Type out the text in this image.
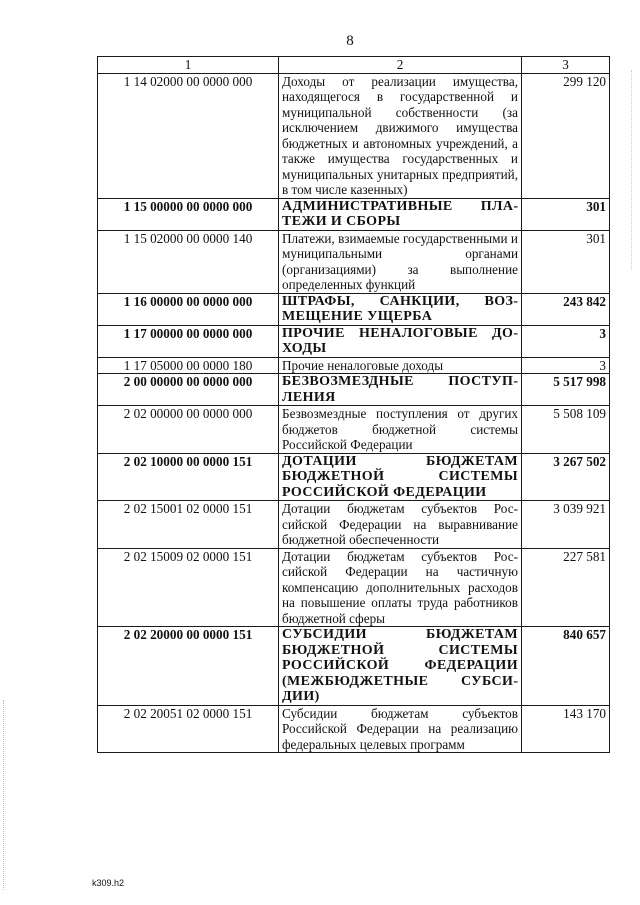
8
1	2	3
1 14 02000 00 0000 000	Доходы от реализации имущества, находящегося в государственной и муниципальной собственности (за исключением движимого имущества бюджетных и автономных учреждений, а также имущества государственных и муниципальных унитарных предприятий, в том числе казенных)	299 120
1 15 00000 00 0000 000	АДМИНИСТРАТИВНЫЕ ПЛАТЕЖИ И СБОРЫ	301
1 15 02000 00 0000 140	Платежи, взимаемые государственными и муниципальными органами (организациями) за выполнение определенных функций	301
1 16 00000 00 0000 000	ШТРАФЫ, САНКЦИИ, ВОЗМЕЩЕНИЕ УЩЕРБА	243 842
1 17 00000 00 0000 000	ПРОЧИЕ НЕНАЛОГОВЫЕ ДОХОДЫ	3
1 17 05000 00 0000 180	Прочие неналоговые доходы	3
2 00 00000 00 0000 000	БЕЗВОЗМЕЗДНЫЕ ПОСТУПЛЕНИЯ	5 517 998
2 02 00000 00 0000 000	Безвозмездные поступления от других бюджетов бюджетной системы Российской Федерации	5 508 109
2 02 10000 00 0000 151	ДОТАЦИИ БЮДЖЕТАМ БЮДЖЕТНОЙ СИСТЕМЫ РОССИЙСКОЙ ФЕДЕРАЦИИ	3 267 502
2 02 15001 02 0000 151	Дотации бюджетам субъектов Российской Федерации на выравнивание бюджетной обеспеченности	3 039 921
2 02 15009 02 0000 151	Дотации бюджетам субъектов Российской Федерации на частичную компенсацию дополнительных расходов на повышение оплаты труда работников бюджетной сферы	227 581
2 02 20000 00 0000 151	СУБСИДИИ БЮДЖЕТАМ БЮДЖЕТНОЙ СИСТЕМЫ РОССИЙСКОЙ ФЕДЕРАЦИИ (МЕЖБЮДЖЕТНЫЕ СУБСИДИИ)	840 657
2 02 20051 02 0000 151	Субсидии бюджетам субъектов Российской Федерации на реализацию федеральных целевых программ	143 170
k309.h2
